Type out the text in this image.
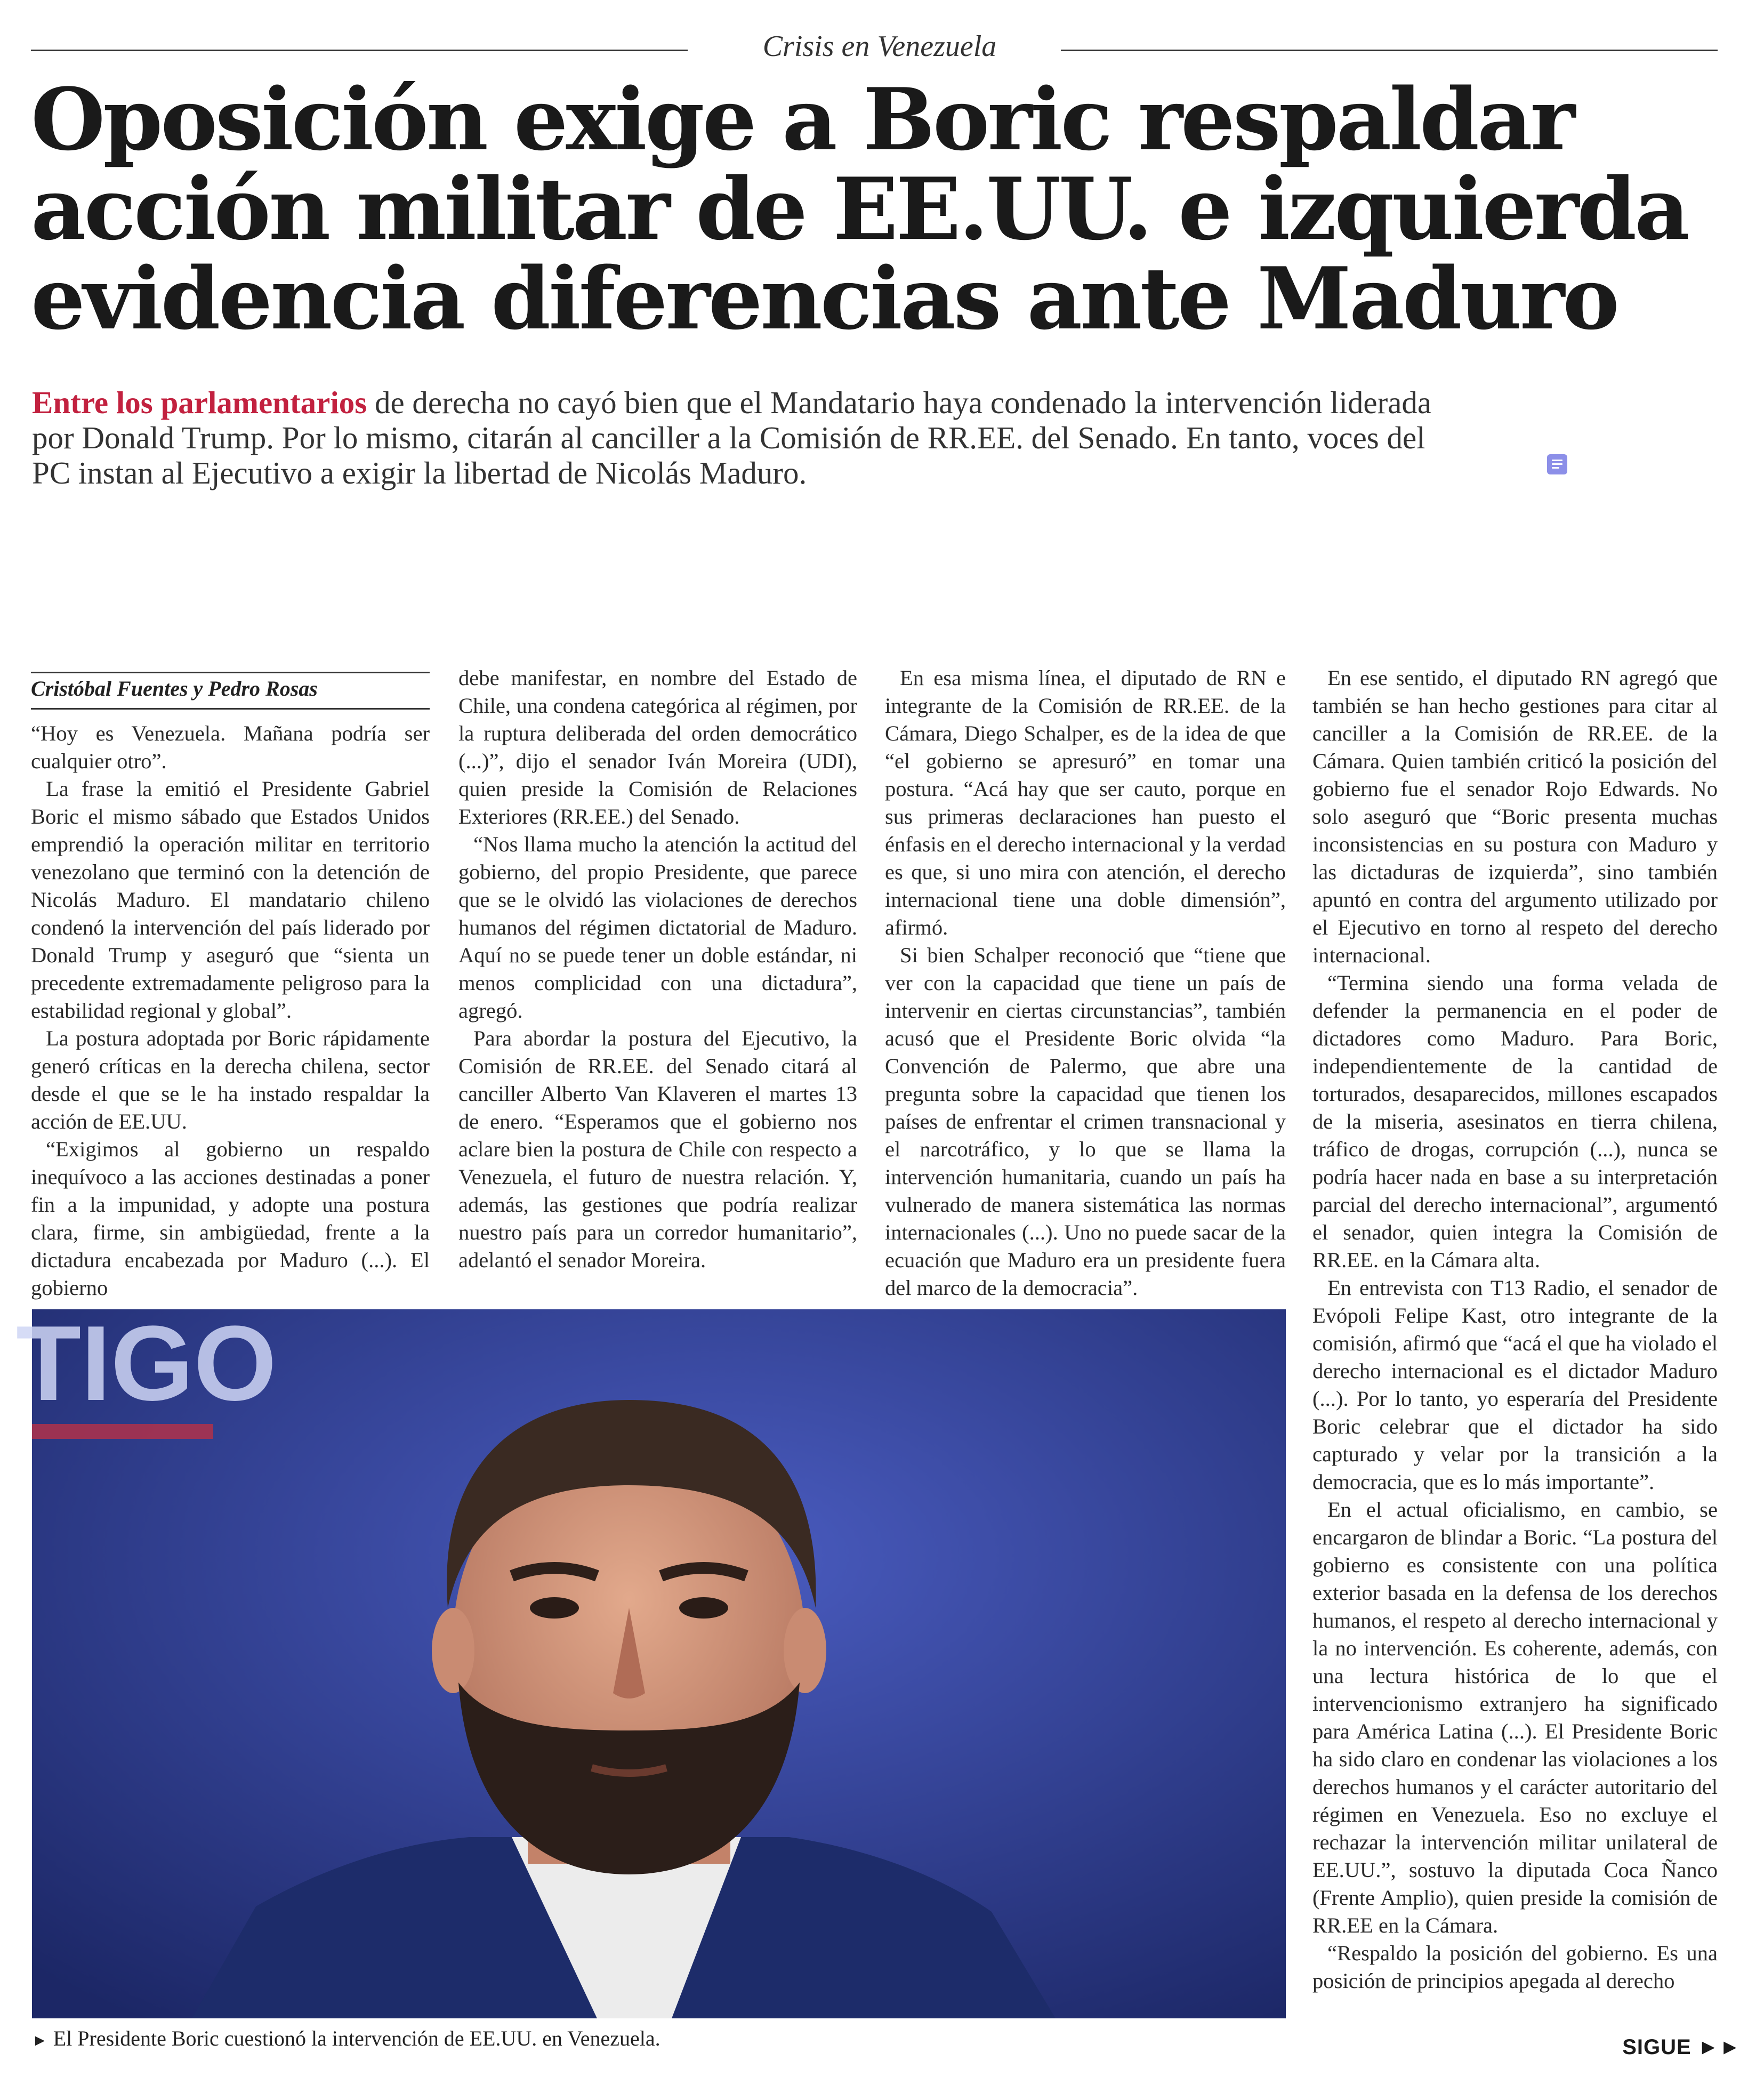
Crisis en Venezuela
Oposición exige a Boric respaldar acción militar de EE.UU. e izquierda evidencia diferencias ante Maduro
Entre los parlamentarios de derecha no cayó bien que el Mandatario haya condenado la intervención liderada por Donald Trump. Por lo mismo, citarán al canciller a la Comisión de RR.EE. del Senado. En tanto, voces del PC instan al Ejecutivo a exigir la libertad de Nicolás Maduro.
Cristóbal Fuentes y Pedro Rosas

“Hoy es Venezuela. Mañana podría ser cualquier otro”.

La frase la emitió el Presidente Gabriel Boric el mismo sábado que Estados Unidos emprendió la operación militar en territorio venezolano que terminó con la detención de Nicolás Maduro. El mandatario chileno condenó la intervención del país liderado por Donald Trump y aseguró que “sienta un precedente extremadamente peligroso para la estabilidad regional y global”.

La postura adoptada por Boric rápidamente generó críticas en la derecha chilena, sector desde el que se le ha instado respaldar la acción de EE.UU.

“Exigimos al gobierno un respaldo inequívoco a las acciones destinadas a poner fin a la impunidad, y adopte una postura clara, firme, sin ambigüedad, frente a la dictadura encabezada por Maduro (...). El gobierno

debe manifestar, en nombre del Estado de Chile, una condena categórica al régimen, por la ruptura deliberada del orden democrático (...)”, dijo el senador Iván Moreira (UDI), quien preside la Comisión de Relaciones Exteriores (RR.EE.) del Senado.

“Nos llama mucho la atención la actitud del gobierno, del propio Presidente, que parece que se le olvidó las violaciones de derechos humanos del régimen dictatorial de Maduro. Aquí no se puede tener un doble estándar, ni menos complicidad con una dictadura”, agregó.

Para abordar la postura del Ejecutivo, la Comisión de RR.EE. del Senado citará al canciller Alberto Van Klaveren el martes 13 de enero. “Esperamos que el gobierno nos aclare bien la postura de Chile con respecto a Venezuela, el futuro de nuestra relación. Y, además, las gestiones que podría realizar nuestro país para un corredor humanitario”, adelantó el senador Moreira.

En esa misma línea, el diputado de RN e integrante de la Comisión de RR.EE. de la Cámara, Diego Schalper, es de la idea de que “el gobierno se apresuró” en tomar una postura. “Acá hay que ser cauto, porque en sus primeras declaraciones han puesto el énfasis en el derecho internacional y la verdad es que, si uno mira con atención, el derecho internacional tiene una doble dimensión”, afirmó.

Si bien Schalper reconoció que “tiene que ver con la capacidad que tiene un país de intervenir en ciertas circunstancias”, también acusó que el Presidente Boric olvida “la Convención de Palermo, que abre una pregunta sobre la capacidad que tienen los países de enfrentar el crimen transnacional y el narcotráfico, y lo que se llama la intervención humanitaria, cuando un país ha vulnerado de manera sistemática las normas internacionales (...). Uno no puede sacar de la ecuación que Maduro era un presidente fuera del marco de la democracia”.

En ese sentido, el diputado RN agregó que también se han hecho gestiones para citar al canciller a la Comisión de RR.EE. de la Cámara. Quien también criticó la posición del gobierno fue el senador Rojo Edwards. No solo aseguró que “Boric presenta muchas inconsistencias en su postura con Maduro y las dictaduras de izquierda”, sino también apuntó en contra del argumento utilizado por el Ejecutivo en torno al respeto del derecho internacional.

“Termina siendo una forma velada de defender la permanencia en el poder de dictadores como Maduro. Para Boric, independientemente de la cantidad de torturados, desaparecidos, millones escapados de la miseria, asesinatos en tierra chilena, tráfico de drogas, corrupción (...), nunca se podría hacer nada en base a su interpretación parcial del derecho internacional”, argumentó el senador, quien integra la Comisión de RR.EE. en la Cámara alta.

En entrevista con T13 Radio, el senador de Evópoli Felipe Kast, otro integrante de la comisión, afirmó que “acá el que ha violado el derecho internacional es el dictador Maduro (...). Por lo tanto, yo esperaría del Presidente Boric celebrar que el dictador ha sido capturado y velar por la transición a la democracia, que es lo más importante”.

En el actual oficialismo, en cambio, se encargaron de blindar a Boric. “La postura del gobierno es consistente con una política exterior basada en la defensa de los derechos humanos, el respeto al derecho internacional y la no intervención. Es coherente, además, con una lectura histórica de lo que el intervencionismo extranjero ha significado para América Latina (...). El Presidente Boric ha sido claro en condenar las violaciones a los derechos humanos y el carácter autoritario del régimen en Venezuela. Eso no excluye el rechazar la intervención militar unilateral de EE.UU.”, sostuvo la diputada Coca Ñanco (Frente Amplio), quien preside la comisión de RR.EE en la Cámara.

“Respaldo la posición del gobierno. Es una posición de principios apegada al derecho

TIGO
► El Presidente Boric cuestionó la intervención de EE.UU. en Venezuela.	SIGUE ►►
